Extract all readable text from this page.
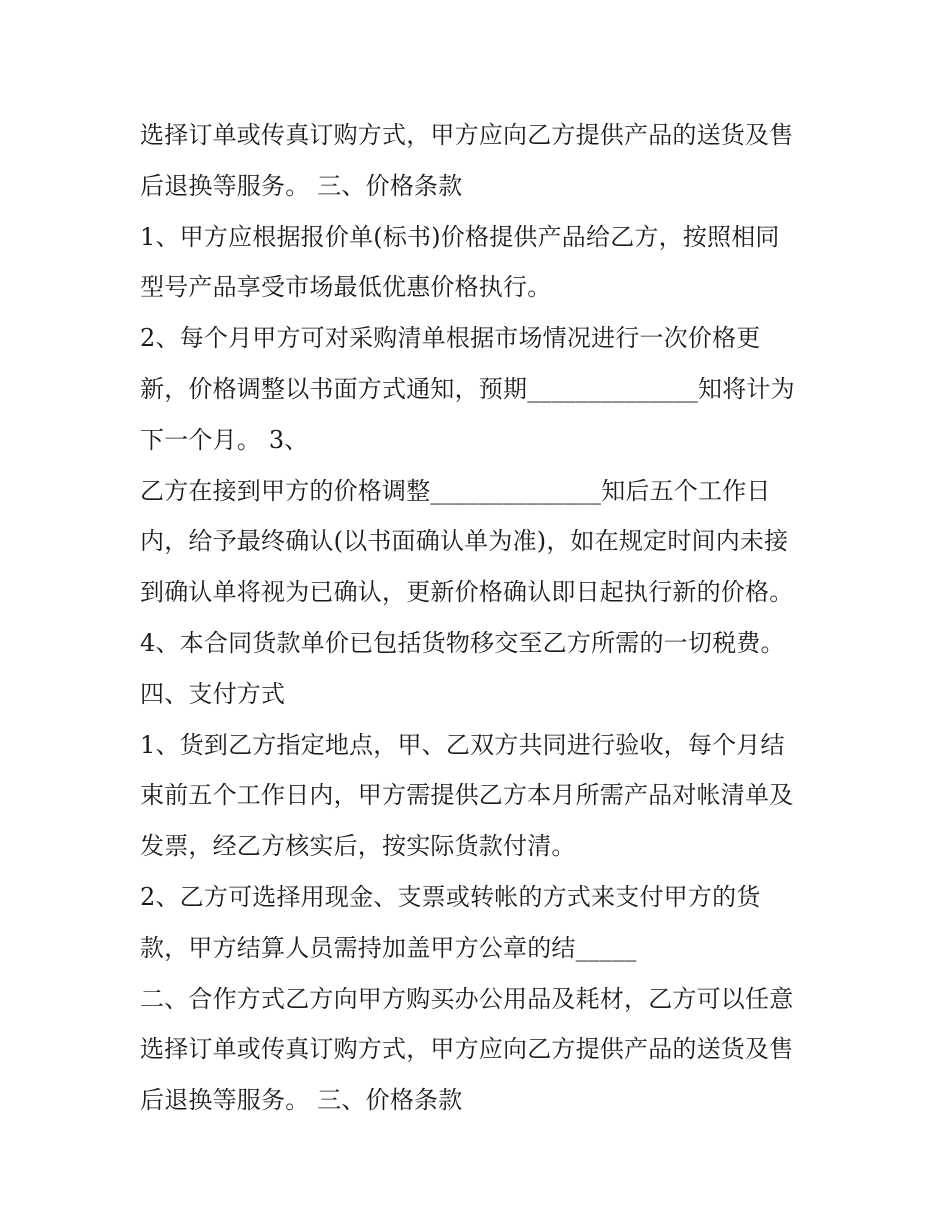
选择订单或传真订购方式，甲方应向乙方提供产品的送货及售
后退换等服务。 三、价格条款
1、甲方应根据报价单(标书)价格提供产品给乙方，按照相同
型号产品享受市场最低优惠价格执行。
2、每个月甲方可对采购清单根据市场情况进行一次价格更
新，价格调整以书面方式通知，预期______________知将计为
下一个月。 3、
乙方在接到甲方的价格调整______________知后五个工作日
内，给予最终确认(以书面确认单为准)，如在规定时间内未接
到确认单将视为已确认，更新价格确认即日起执行新的价格。
4、本合同货款单价已包括货物移交至乙方所需的一切税费。
四、支付方式
1、货到乙方指定地点，甲、乙双方共同进行验收，每个月结
束前五个工作日内，甲方需提供乙方本月所需产品对帐清单及
发票，经乙方核实后，按实际货款付清。
2、乙方可选择用现金、支票或转帐的方式来支付甲方的货
款，甲方结算人员需持加盖甲方公章的结_____
二、合作方式乙方向甲方购买办公用品及耗材，乙方可以任意
选择订单或传真订购方式，甲方应向乙方提供产品的送货及售
后退换等服务。 三、价格条款
